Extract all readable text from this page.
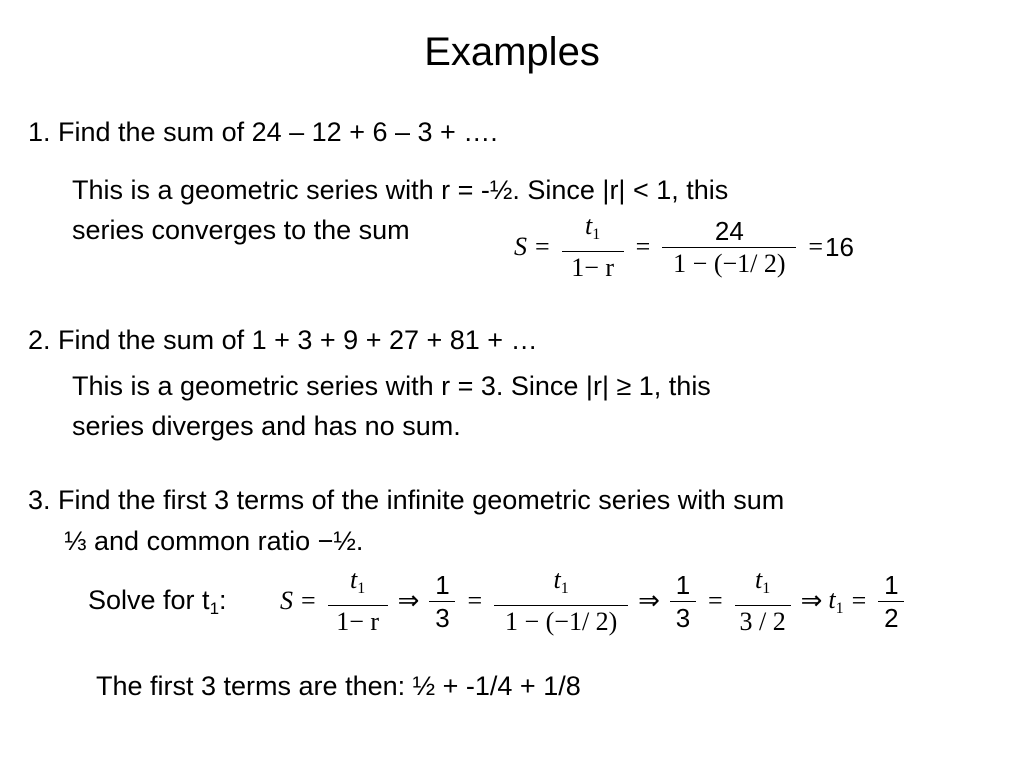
Examples
1. Find the sum of 24 – 12 + 6 – 3 + ….
This is a geometric series with r = -½. Since |r| < 1, this
series converges to the sum
$S = \frac{t_1}{1- r} = \frac{24}{1 - (-1/ 2)} = 16$
2. Find the sum of 1 + 3 + 9 + 27 + 81 + …
This is a geometric series with r = 3. Since |r| ≥ 1, this
series diverges and has no sum.
3. Find the first 3 terms of the infinite geometric series with sum
⅓ and common ratio −½.
Solve for t1: $S = \frac{t_1}{1- r}$ ⇒ $\frac{1}{3} = \frac{t_1}{1 - (-1/ 2)}$ ⇒ $\frac{1}{3} = \frac{t_1}{3 / 2}$ ⇒ $t_1 = \frac{1}{2}$
The first 3 terms are then: ½ + -1/4 + 1/8
